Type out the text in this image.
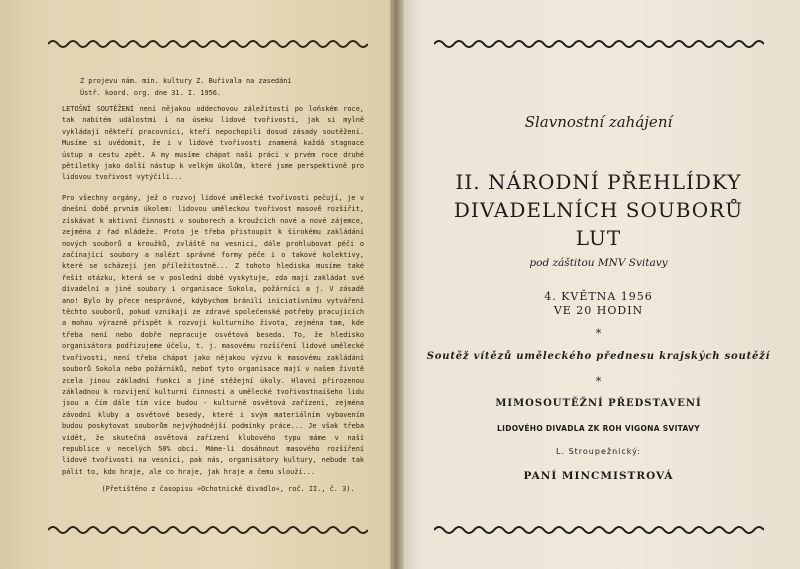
Z projevu nám. min. kultury Z. Buřivala na zasedání
Ústř. koord. org. dne 31. I. 1956.

LETOŠNÍ SOUTĚŽENÍ není nějakou oddechovou záležitostí po loňském roce, tak nabitém událostmi i na úseku lidové tvořivosti, jak si mylně vykládají někteří pracovníci, kteří nepochopili dosud zásady soutěžení. Musíme si uvědomit, že i v lidové tvořivosti znamená každá stagnace ústup a cestu zpět. A my musíme chápat naši práci v prvém roce druhé pětiletky jako další nástup k velkým úkolům, které jsme perspektivně pro lidovou tvořivost vytýčili...

Pro všechny orgány, jež o rozvoj lidové umělecké tvořivosti pečují, je v dnešní době prvním úkolem: lidovou uměleckou tvořivost masově rozšířit, získávat k aktivní činnosti v souborech a kroužcích nové a nové zájemce, zejména z řad mládeže. Proto je třeba přistoupit k širokému zakládání nových souborů a kroužků, zvláště na vesnici, dále prohlubovat péči o začínající soubory a nalézt správné formy péče i o takové kolektivy, které se scházejí jen příležitostně... Z tohoto hlediska musíme také řešit otázku, která se v poslední době vyskytuje, zda mají zakládat své divadelní a jiné soubory i organisace Sokola, požárníci a j. V zásadě ano! Bylo by přece nesprávné, kdybychom bránili iniciativnímu vytváření těchto souborů, pokud vznikají ze zdravé společenské potřeby pracujících a mohou výrazně přispět k rozvoji kulturního života, zejména tam, kde třeba není nebo dobře nepracuje osvětová beseda. To, že hledisko organisátora podřizujeme účelu, t. j. masovému rozšíření lidové umělecké tvořivosti, není třeba chápat jako nějakou výzvu k masovému zakládání souborů Sokola nebo požárníků, neboť tyto organisace mají v našem životě zcela jinou základní funkci a jiné stěžejní úkoly. Hlavní přirozenou základnou k rozvíjení kulturní činnosti a umělecké tvořivostnaišeho lidu jsou a čím dále tím více budou - kulturně osvětová zařízení, zejména závodní kluby a osvětové besedy, které i svým materiálním vybavením budou poskytovat souborům nejvýhodnější podmínky práce... Je však třeba vidět, že skutečná osvětová zařízení klubového typu máme v naší republice v necelých 50% obcí. Máme-li dosáhnout masového rozšíření lidové tvořivosti na vesnici, pak nás, organisátory kultury, nebude tak pálit to, kdo hraje, ale co hraje, jak hraje a čemu slouží...

(Přetištěno z časopisu »Ochotnické divadlo«, roč. II., č. 3).
Slavnostní zahájení
II. NÁRODNÍ PŘEHLÍDKY
DIVADELNÍCH SOUBORŮ
LUT
pod záštitou MNV Svitavy
4. KVĚTNA 1956
VE 20 HODIN
*
Soutěž vítězů uměleckého přednesu krajských soutěží
*
MIMOSOUTĚŽNÍ PŘEDSTAVENÍ
LIDOVÉHO DIVADLA ZK ROH VIGONA SVITAVY
L. Stroupežnický:
PANÍ MINCMISTROVÁ
